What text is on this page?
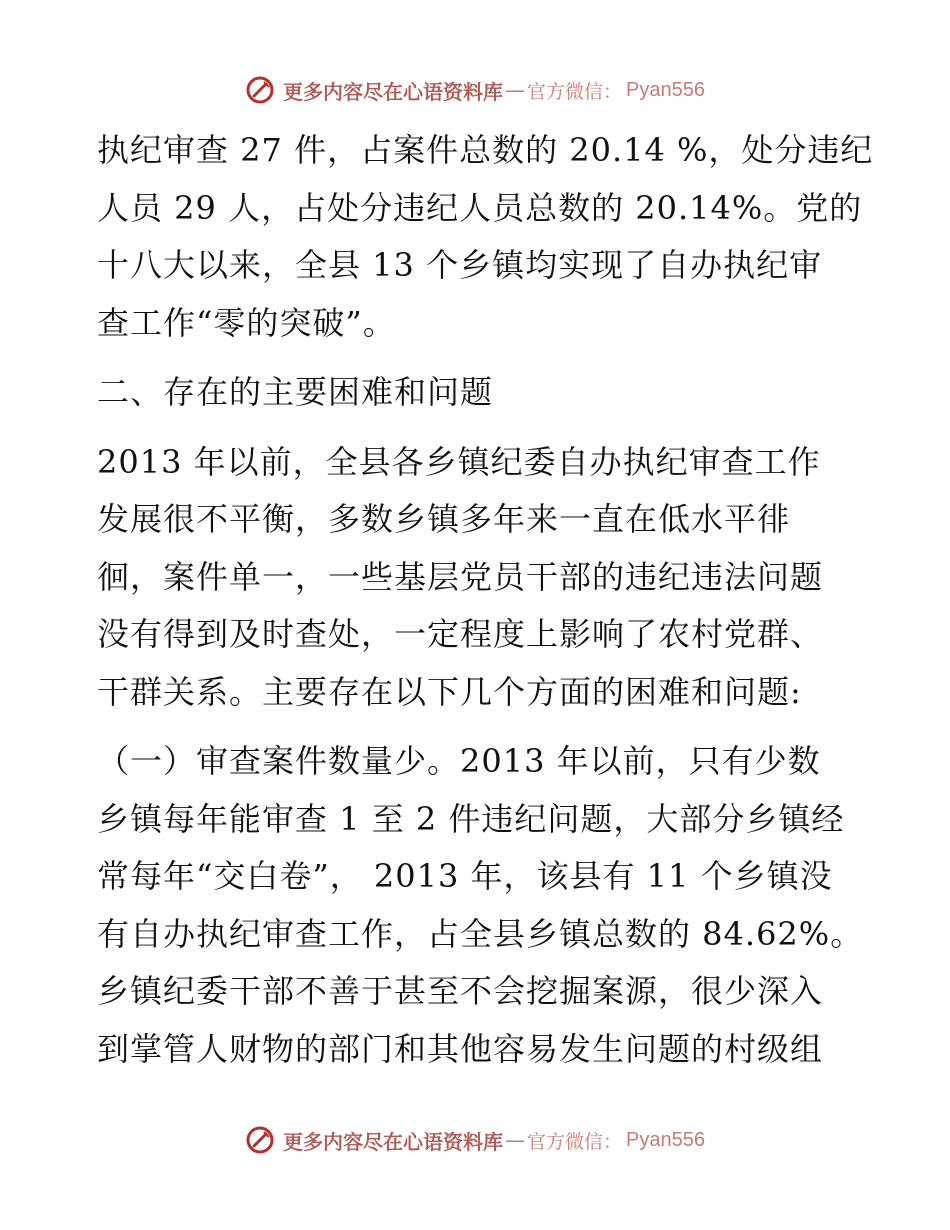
更多内容尽在心语资料库 — 官方微信： Pyan556
执纪审查 27 件，占案件总数的 20.14 %，处分违纪
人员 29 人，占处分违纪人员总数的 20.14%。党的
十八大以来，全县 13 个乡镇均实现了自办执纪审
查工作“零的突破”。
二、存在的主要困难和问题
2013 年以前，全县各乡镇纪委自办执纪审查工作
发展很不平衡，多数乡镇多年来一直在低水平徘
徊，案件单一，一些基层党员干部的违纪违法问题
没有得到及时查处，一定程度上影响了农村党群、
干群关系。主要存在以下几个方面的困难和问题:
（一）审查案件数量少。2013 年以前，只有少数
乡镇每年能审查 1 至 2 件违纪问题，大部分乡镇经
常每年“交白卷”， 2013 年，该县有 11 个乡镇没
有自办执纪审查工作，占全县乡镇总数的 84.62%。
乡镇纪委干部不善于甚至不会挖掘案源，很少深入
到掌管人财物的部门和其他容易发生问题的村级组
更多内容尽在心语资料库 — 官方微信： Pyan556
